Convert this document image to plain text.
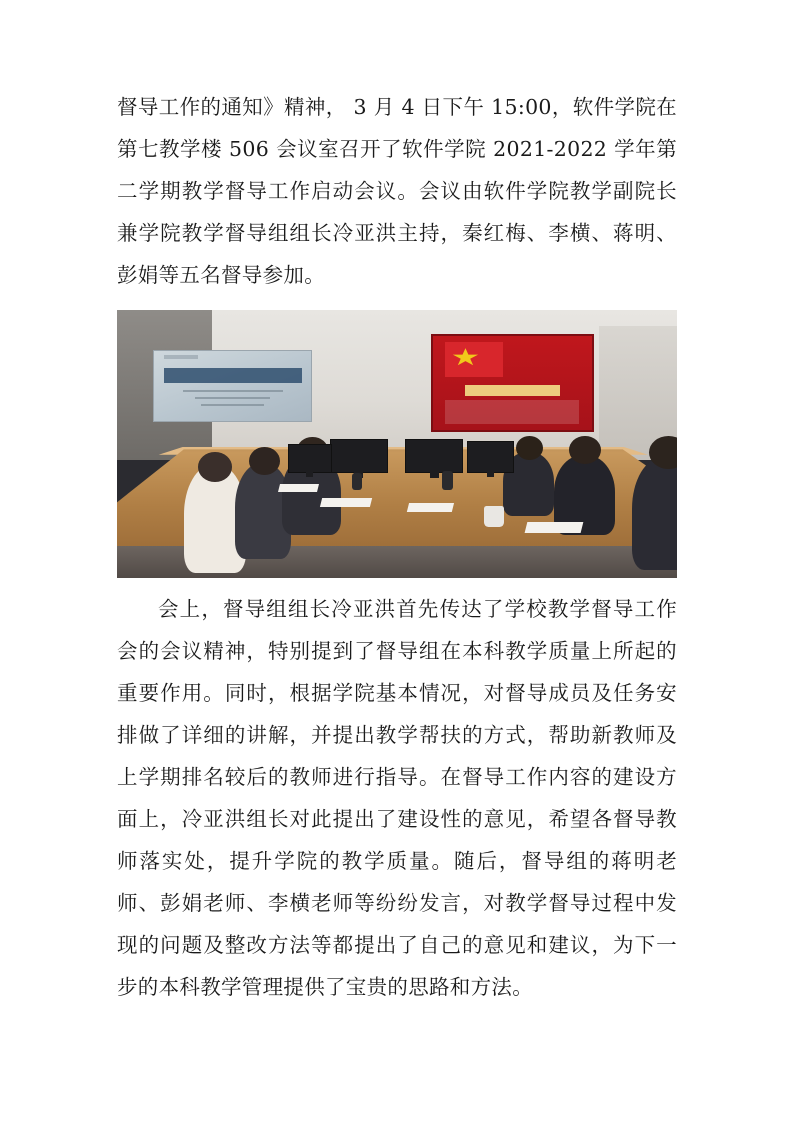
督导工作的通知》精神， 3 月 4 日下午 15:00，软件学院在第七教学楼 506 会议室召开了软件学院 2021-2022 学年第二学期教学督导工作启动会议。会议由软件学院教学副院长兼学院教学督导组组长冷亚洪主持，秦红梅、李横、蒋明、彭娟等五名督导参加。

会上，督导组组长冷亚洪首先传达了学校教学督导工作会的会议精神，特别提到了督导组在本科教学质量上所起的重要作用。同时，根据学院基本情况，对督导成员及任务安排做了详细的讲解，并提出教学帮扶的方式，帮助新教师及上学期排名较后的教师进行指导。在督导工作内容的建设方面上，冷亚洪组长对此提出了建设性的意见，希望各督导教师落实处，提升学院的教学质量。随后，督导组的蒋明老师、彭娟老师、李横老师等纷纷发言，对教学督导过程中发现的问题及整改方法等都提出了自己的意见和建议，为下一步的本科教学管理提供了宝贵的思路和方法。
